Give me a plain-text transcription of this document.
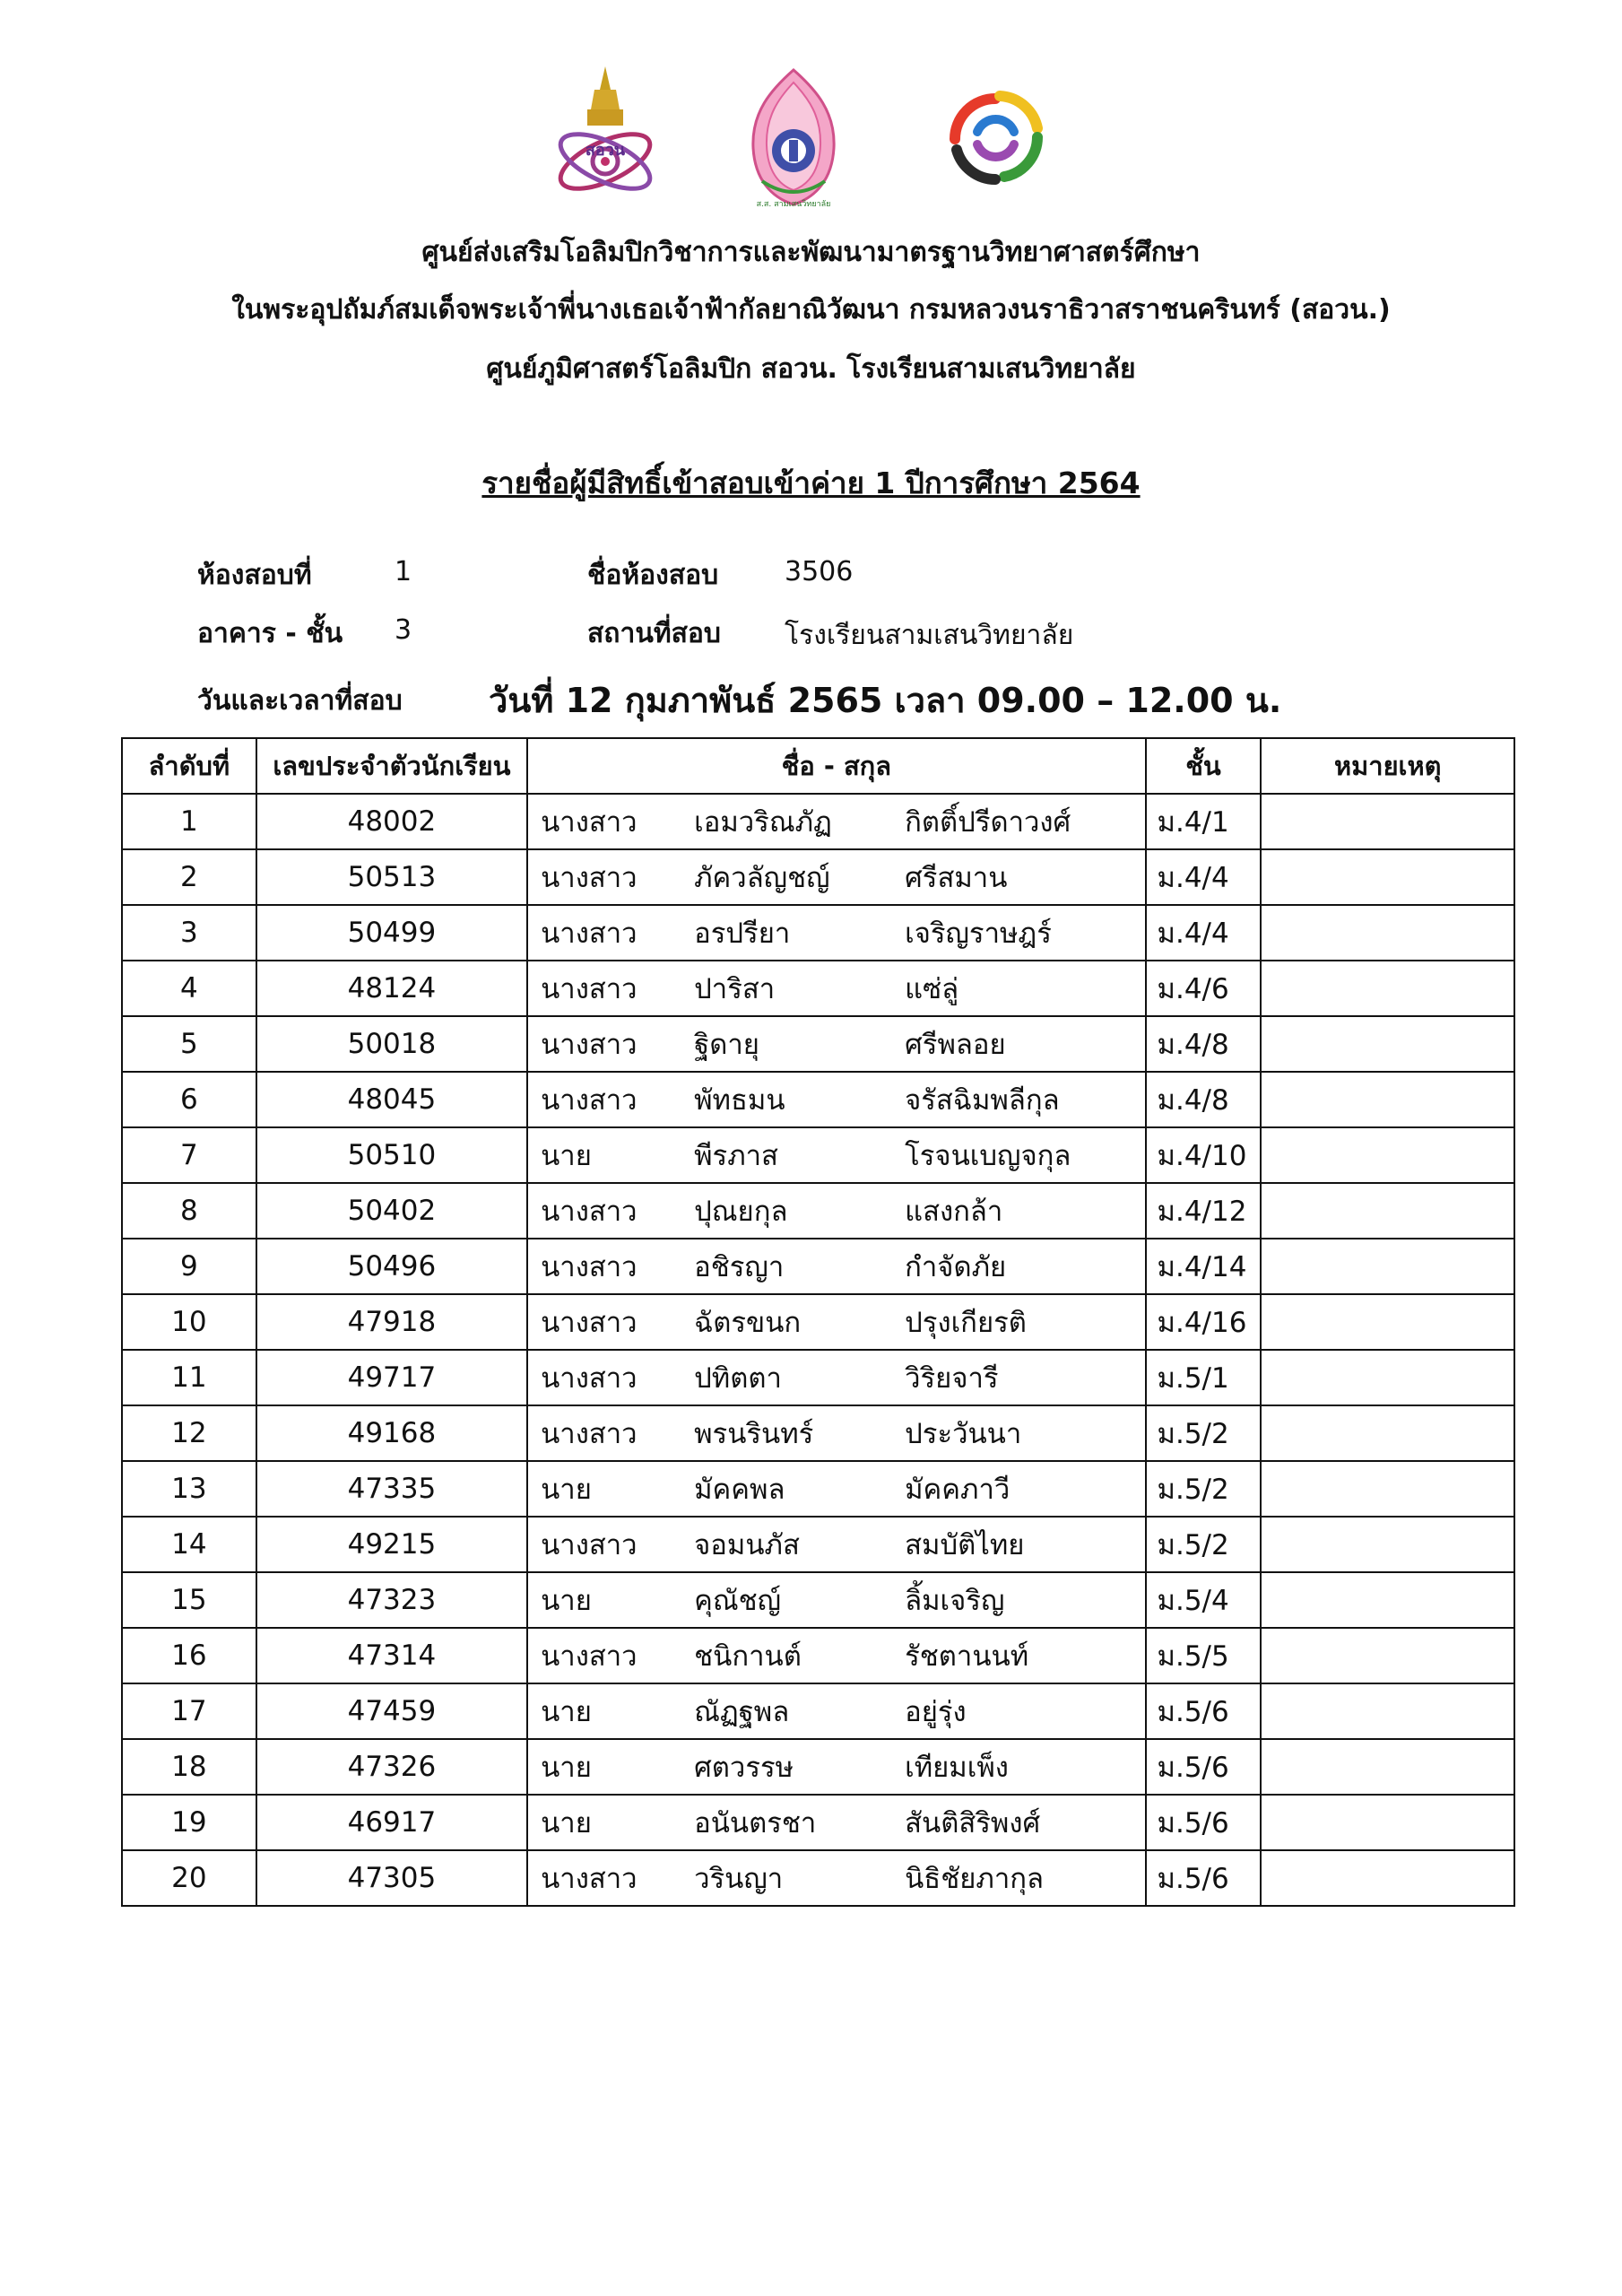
สอวน
ส.ส. สามเสนวิทยาลัย
ศูนย์ส่งเสริมโอลิมปิกวิชาการและพัฒนามาตรฐานวิทยาศาสตร์ศึกษา
ในพระอุปถัมภ์สมเด็จพระเจ้าพี่นางเธอเจ้าฟ้ากัลยาณิวัฒนา กรมหลวงนราธิวาสราชนครินทร์ (สอวน.)
ศูนย์ภูมิศาสตร์โอลิมปิก สอวน. โรงเรียนสามเสนวิทยาลัย
รายชื่อผู้มีสิทธิ์เข้าสอบเข้าค่าย 1 ปีการศึกษา 2564
ห้องสอบที่	1	ชื่อห้องสอบ 3506
อาคาร - ชั้น 3	สถานที่สอบ โรงเรียนสามเสนวิทยาลัย
วันและเวลาที่สอบ	วันที่ 12 กุมภาพันธ์ 2565 เวลา 09.00 – 12.00 น.
ลำดับที่	เลขประจำตัวนักเรียน	ชื่อ - สกุล	ชั้น	หมายเหตุ
1	48002	นางสาว เอมวริณภัฏ กิตติ์ปรีดาวงศ์	ม.4/1	
2	50513	นางสาว ภัควลัญชญ์ ศรีสมาน	ม.4/4	
3	50499	นางสาว อรปรียา เจริญราษฎร์	ม.4/4	
4	48124	นางสาว ปาริสา แซ่ลู่	ม.4/6	
5	50018	นางสาว ฐิดายุ ศรีพลอย	ม.4/8	
6	48045	นางสาว พัทธมน จรัสฉิมพลีกุล	ม.4/8	
7	50510	นาย พีรภาส โรจนเบญจกุล	ม.4/10	
8	50402	นางสาว ปุณยกุล แสงกล้า	ม.4/12	
9	50496	นางสาว อชิรญา กำจัดภัย	ม.4/14	
10	47918	นางสาว ฉัตรขนก ปรุงเกียรติ	ม.4/16	
11	49717	นางสาว ปทิตตา วิริยจารี	ม.5/1	
12	49168	นางสาว พรนรินทร์ ประวันนา	ม.5/2	
13	47335	นาย มัคคพล มัคคภาวี	ม.5/2	
14	49215	นางสาว จอมนภัส สมบัติไทย	ม.5/2	
15	47323	นาย คุณัชญ์ ลิ้มเจริญ	ม.5/4	
16	47314	นางสาว ชนิกานต์ รัชตานนท์	ม.5/5	
17	47459	นาย ณัฏฐพล อยู่รุ่ง	ม.5/6	
18	47326	นาย ศตวรรษ เทียมเพ็ง	ม.5/6	
19	46917	นาย อนันตรชา สันติสิริพงศ์	ม.5/6	
20	47305	นางสาว วรินญา นิธิชัยภากุล	ม.5/6	
